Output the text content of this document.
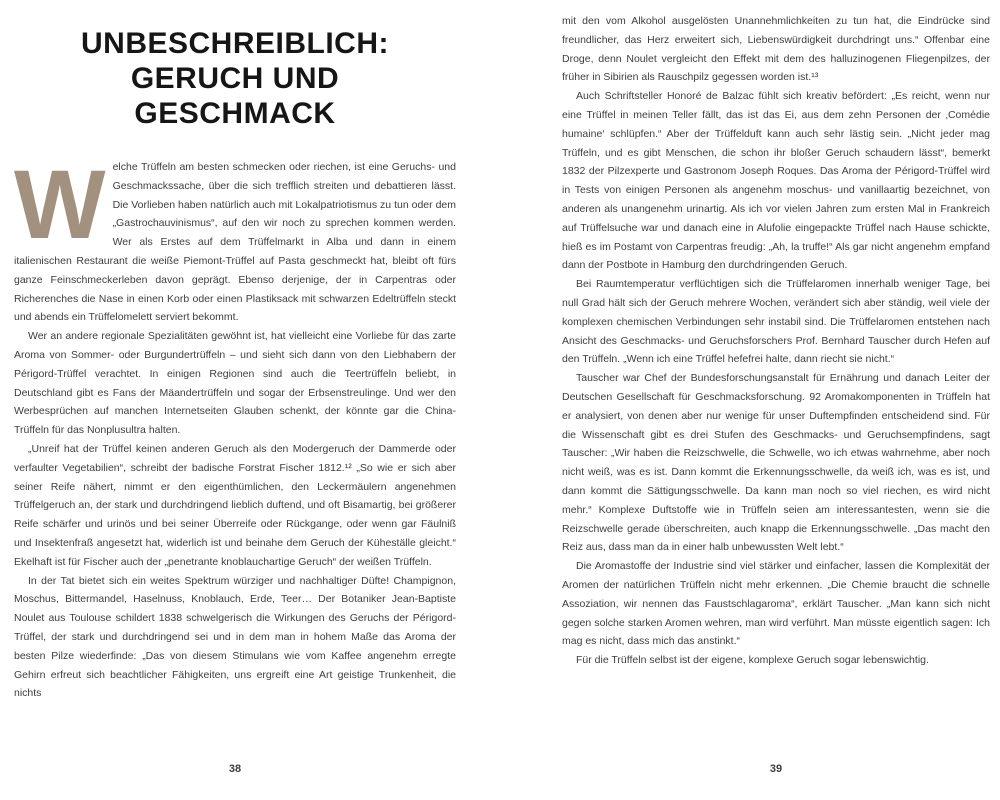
UNBESCHREIBLICH:
GERUCH UND
GESCHMACK

Welche Trüffeln am besten schmecken oder riechen, ist eine Geruchs- und Geschmackssache, über die sich trefflich streiten und debattieren lässt. Die Vorlieben haben natürlich auch mit Lokalpatriotismus zu tun oder dem „Gastrochauvinismus“, auf den wir noch zu sprechen kommen werden. Wer als Erstes auf dem Trüffelmarkt in Alba und dann in einem italienischen Restaurant die weiße Piemont-Trüffel auf Pasta geschmeckt hat, bleibt oft fürs ganze Feinschmeckerleben davon geprägt. Ebenso derjenige, der in Carpentras oder Richerenches die Nase in einen Korb oder einen Plastiksack mit schwarzen Edeltrüffeln steckt und abends ein Trüffelomelett serviert bekommt.

Wer an andere regionale Spezialitäten gewöhnt ist, hat vielleicht eine Vorliebe für das zarte Aroma von Sommer- oder Burgundertrüffeln – und sieht sich dann von den Liebhabern der Périgord-Trüffel verachtet. In einigen Regionen sind auch die Teertrüffeln beliebt, in Deutschland gibt es Fans der Mäandertrüffeln und sogar der Erbsenstreulinge. Und wer den Werbesprüchen auf manchen Internetseiten Glauben schenkt, der könnte gar die China-Trüffeln für das Nonplusultra halten.

„Unreif hat der Trüffel keinen anderen Geruch als den Modergeruch der Dammerde oder verfaulter Vegetabilien“, schreibt der badische Forstrat Fischer 1812.¹² „So wie er sich aber seiner Reife nähert, nimmt er den eigenthümlichen, den Leckermäulern angenehmen Trüffelgeruch an, der stark und durchdringend lieblich duftend, und oft Bisamartig, bei größerer Reife schärfer und urinös und bei seiner Überreife oder Rückgange, oder wenn gar Fäulniß und Insektenfraß angesetzt hat, widerlich ist und beinahe dem Geruch der Küheställe gleicht.“ Ekelhaft ist für Fischer auch der „penetrante knoblauchartige Geruch“ der weißen Trüffeln.

In der Tat bietet sich ein weites Spektrum würziger und nachhaltiger Düfte! Champignon, Moschus, Bittermandel, Haselnuss, Knoblauch, Erde, Teer… Der Botaniker Jean-Baptiste Noulet aus Toulouse schildert 1838 schwelgerisch die Wirkungen des Geruchs der Périgord-Trüffel, der stark und durchdringend sei und in dem man in hohem Maße das Aroma der besten Pilze wiederfinde: „Das von diesem Stimulans wie vom Kaffee angenehm erregte Gehirn erfreut sich beachtlicher Fähigkeiten, uns ergreift eine Art geistige Trunkenheit, die nichts

38

mit den vom Alkohol ausgelösten Unannehmlichkeiten zu tun hat, die Eindrücke sind freundlicher, das Herz erweitert sich, Liebenswürdigkeit durchdringt uns.“ Offenbar eine Droge, denn Noulet vergleicht den Effekt mit dem des halluzinogenen Fliegenpilzes, der früher in Sibirien als Rauschpilz gegessen worden ist.¹³

Auch Schriftsteller Honoré de Balzac fühlt sich kreativ befördert: „Es reicht, wenn nur eine Trüffel in meinen Teller fällt, das ist das Ei, aus dem zehn Personen der ‚Comédie humaine‘ schlüpfen.“ Aber der Trüffelduft kann auch sehr lästig sein. „Nicht jeder mag Trüffeln, und es gibt Menschen, die schon ihr bloßer Geruch schaudern lässt“, bemerkt 1832 der Pilzexperte und Gastronom Joseph Roques. Das Aroma der Périgord-Trüffel wird in Tests von einigen Personen als angenehm moschus- und vanillaartig bezeichnet, von anderen als unangenehm urinartig. Als ich vor vielen Jahren zum ersten Mal in Frankreich auf Trüffelsuche war und danach eine in Alufolie eingepackte Trüffel nach Hause schickte, hieß es im Postamt von Carpentras freudig: „Ah, la truffe!“ Als gar nicht angenehm empfand dann der Postbote in Hamburg den durchdringenden Geruch.

Bei Raumtemperatur verflüchtigen sich die Trüffelaromen innerhalb weniger Tage, bei null Grad hält sich der Geruch mehrere Wochen, verändert sich aber ständig, weil viele der komplexen chemischen Verbindungen sehr instabil sind. Die Trüffelaromen entstehen nach Ansicht des Geschmacks- und Geruchsforschers Prof. Bernhard Tauscher durch Hefen auf den Trüffeln. „Wenn ich eine Trüffel hefefrei halte, dann riecht sie nicht.“

Tauscher war Chef der Bundesforschungsanstalt für Ernährung und danach Leiter der Deutschen Gesellschaft für Geschmacksforschung. 92 Aromakomponenten in Trüffeln hat er analysiert, von denen aber nur wenige für unser Duftempfinden entscheidend sind. Für die Wissenschaft gibt es drei Stufen des Geschmacks- und Geruchsempfindens, sagt Tauscher: „Wir haben die Reizschwelle, die Schwelle, wo ich etwas wahrnehme, aber noch nicht weiß, was es ist. Dann kommt die Erkennungsschwelle, da weiß ich, was es ist, und dann kommt die Sättigungsschwelle. Da kann man noch so viel riechen, es wird nicht mehr.“ Komplexe Duftstoffe wie in Trüffeln seien am interessantesten, wenn sie die Reizschwelle gerade überschreiten, auch knapp die Erkennungsschwelle. „Das macht den Reiz aus, dass man da in einer halb unbewussten Welt lebt.“

Die Aromastoffe der Industrie sind viel stärker und einfacher, lassen die Komplexität der Aromen der natürlichen Trüffeln nicht mehr erkennen. „Die Chemie braucht die schnelle Assoziation, wir nennen das Faustschlagaroma“, erklärt Tauscher. „Man kann sich nicht gegen solche starken Aromen wehren, man wird verführt. Man müsste eigentlich sagen: Ich mag es nicht, dass mich das anstinkt.“

Für die Trüffeln selbst ist der eigene, komplexe Geruch sogar lebenswichtig.

39
